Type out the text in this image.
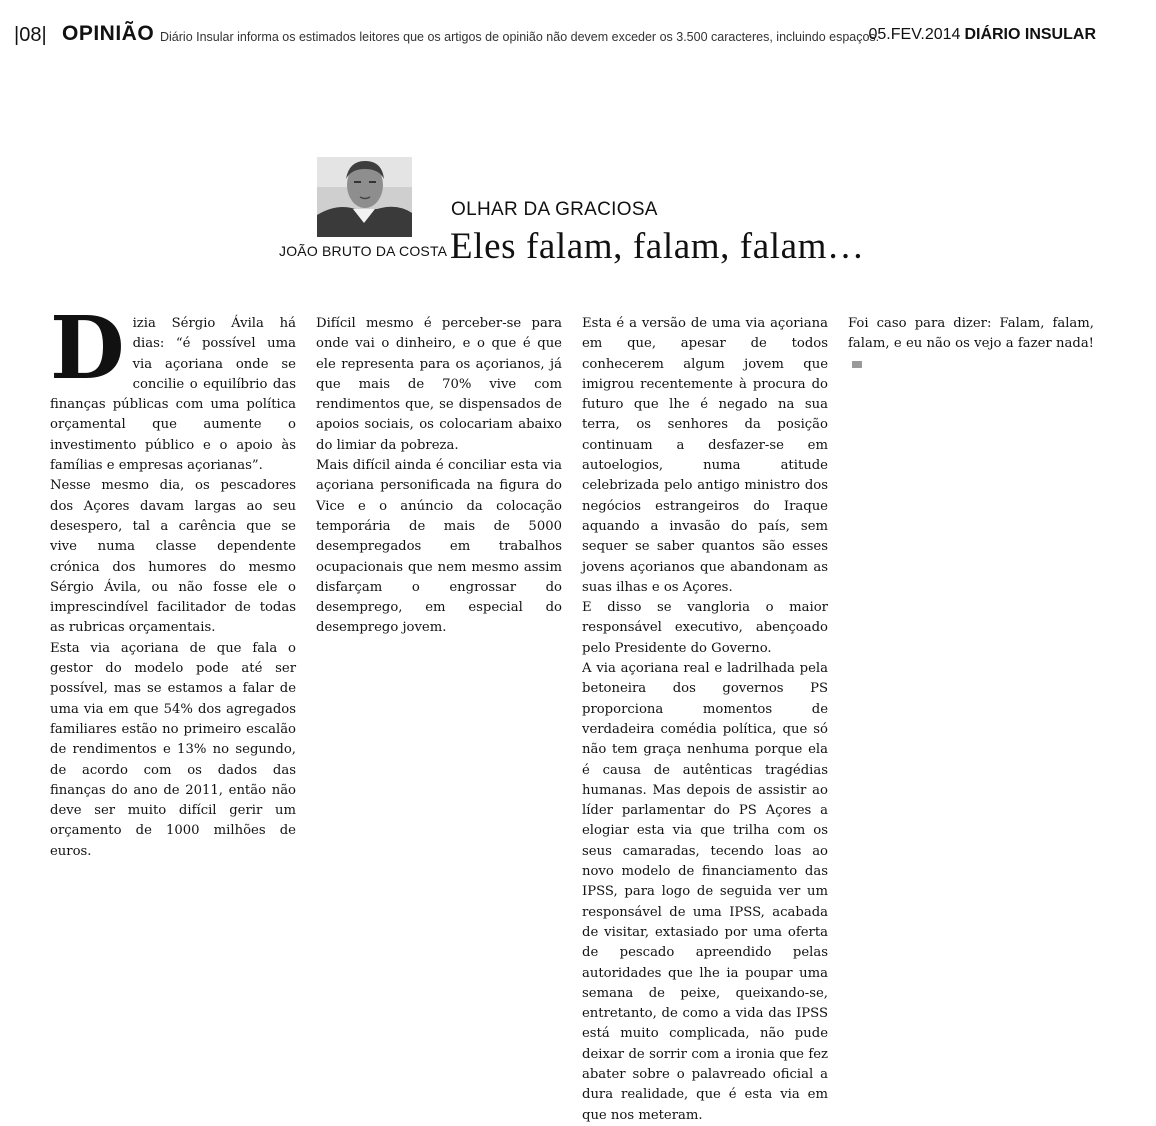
|08| OPINIÃO Diário Insular informa os estimados leitores que os artigos de opinião não devem exceder os 3.500 caracteres, incluindo espaços.
05.FEV.2014 DIÁRIO INSULAR
JOÃO BRUTO DA COSTA
OLHAR DA GRACIOSA
Eles falam, falam, falam…

Dizia Sérgio Ávila há dias: “é possível uma via açoriana onde se concilie o equilíbrio das finanças públicas com uma política orçamental que aumente o investimento público e o apoio às famílias e empresas açorianas”.

Nesse mesmo dia, os pescadores dos Açores davam largas ao seu desespero, tal a carência que se vive numa classe dependente crónica dos humores do mesmo Sérgio Ávila, ou não fosse ele o imprescindível facilitador de todas as rubricas orçamentais.

Esta via açoriana de que fala o gestor do modelo pode até ser possível, mas se estamos a falar de uma via em que 54% dos agregados familiares estão no primeiro escalão de rendimentos e 13% no segundo, de acordo com os dados das finanças do ano de 2011, então não deve ser muito difícil gerir um orçamento de 1000 milhões de euros.

Difícil mesmo é perceber-se para onde vai o dinheiro, e o que é que ele representa para os açorianos, já que mais de 70% vive com rendimentos que, se dispensados de apoios sociais, os colocariam abaixo do limiar da pobreza.

Mais difícil ainda é conciliar esta via açoriana personificada na figura do Vice e o anúncio da colocação temporária de mais de 5000 desempregados em trabalhos ocupacionais que nem mesmo assim disfarçam o engrossar do desemprego, em especial do desemprego jovem.

Esta é a versão de uma via açoriana em que, apesar de todos conhecerem algum jovem que imigrou recentemente à procura do futuro que lhe é negado na sua terra, os senhores da posição continuam a desfazer-se em autoelogios, numa atitude celebrizada pelo antigo ministro dos negócios estrangeiros do Iraque aquando a invasão do país, sem sequer se saber quantos são esses jovens açorianos que abandonam as suas ilhas e os Açores.

E disso se vangloria o maior responsável executivo, abençoado pelo Presidente do Governo.

A via açoriana real e ladrilhada pela betoneira dos governos PS proporciona momentos de verdadeira comédia política, que só não tem graça nenhuma porque ela é causa de autênticas tragédias humanas. Mas depois de assistir ao líder parlamentar do PS Açores a elogiar esta via que trilha com os seus camaradas, tecendo loas ao novo modelo de financiamento das IPSS, para logo de seguida ver um responsável de uma IPSS, acabada de visitar, extasiado por uma oferta de pescado apreendido pelas autoridades que lhe ia poupar uma semana de peixe, queixando-se, entretanto, de como a vida das IPSS está muito complicada, não pude deixar de sorrir com a ironia que fez abater sobre o palavreado oficial a dura realidade, que é esta via em que nos meteram.

Foi caso para dizer: Falam, falam, falam, e eu não os vejo a fazer nada!
